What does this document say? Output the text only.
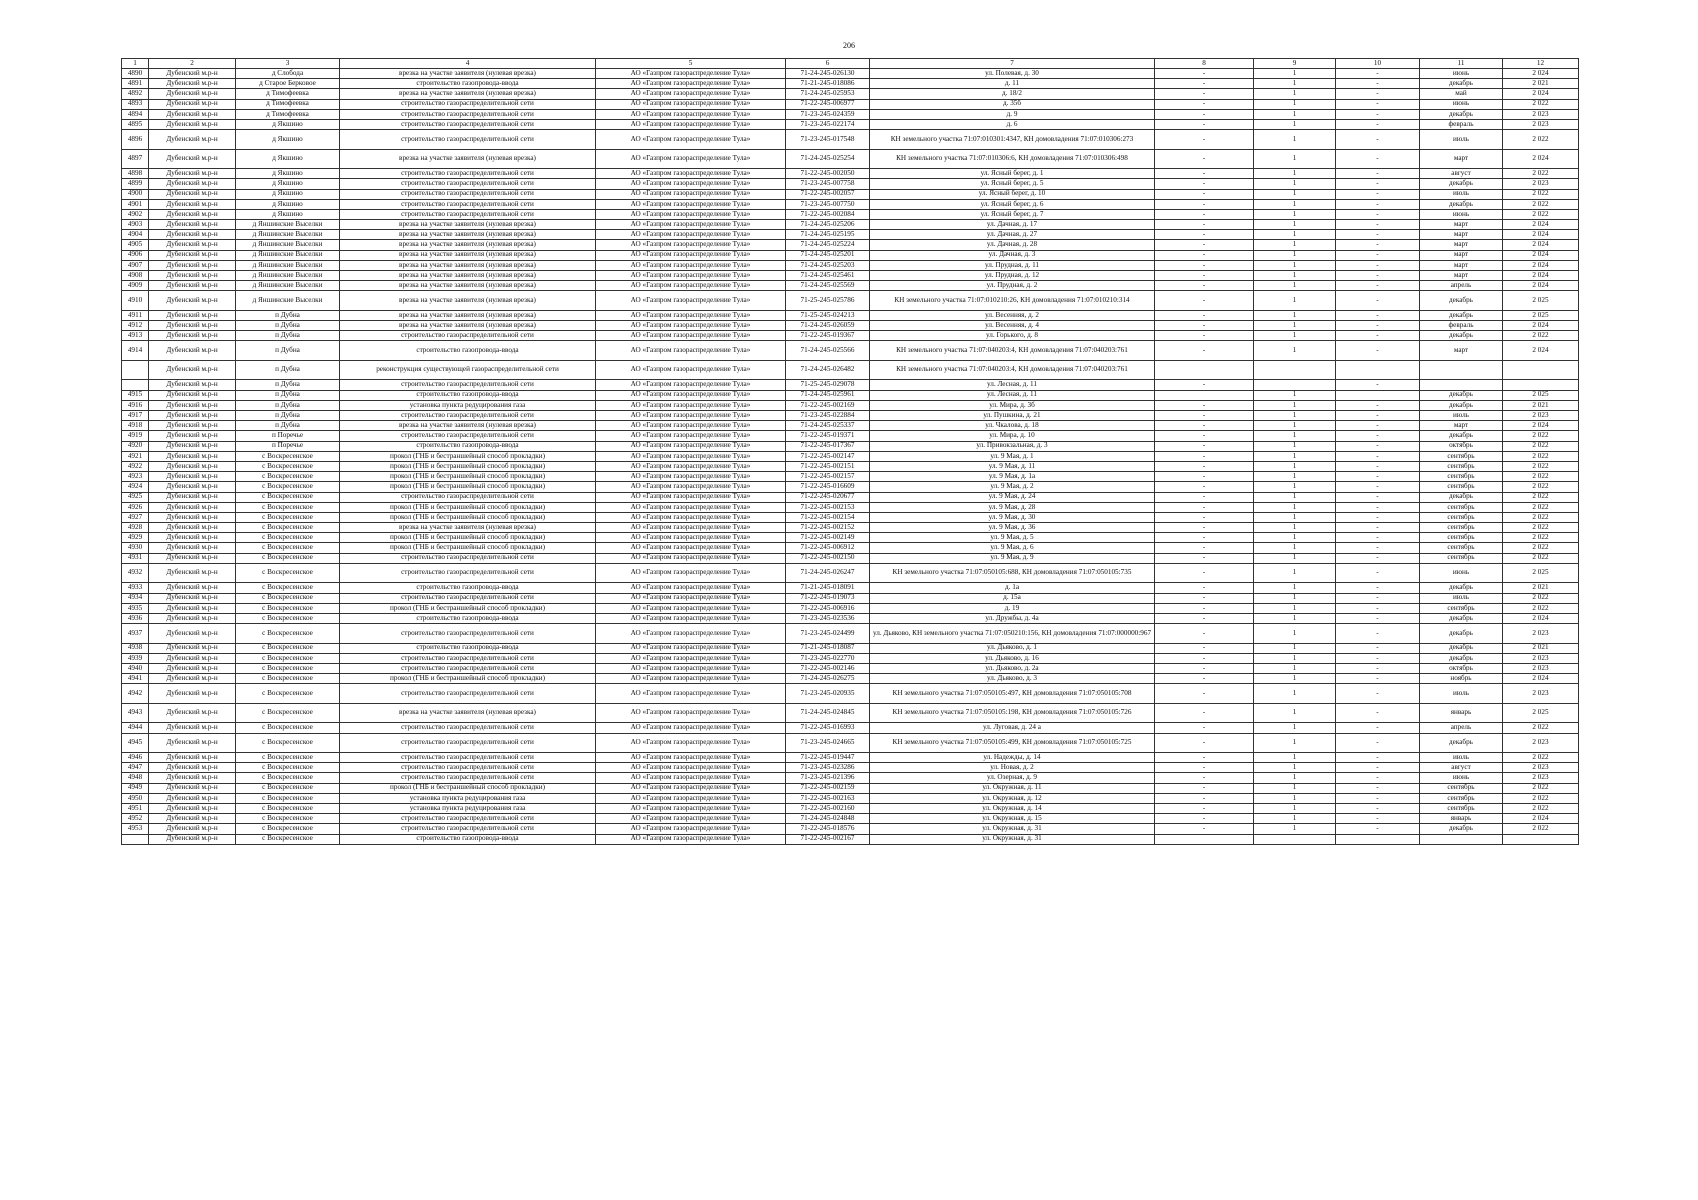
206
1	2	3	4	5	6	7	8	9	10	11	12
4890	Дубенский м.р-н	д Слобода	врезка на участке заявителя (нулевая врезка)	АО «Газпром газораспределение Тула»	71-24-245-026130	ул. Полевая, д. 30	-	1	-	июнь	2 024
4891	Дубенский м.р-н	д Старое Берковое	строительство газопровода-ввода	АО «Газпром газораспределение Тула»	71-21-245-018086	д. 11	-	1	-	декабрь	2 021
4892	Дубенский м.р-н	д Тимофеевка	врезка на участке заявителя (нулевая врезка)	АО «Газпром газораспределение Тула»	71-24-245-025953	д. 18/2	-	1	-	май	2 024
4893	Дубенский м.р-н	д Тимофеевка	строительство газораспределительной сети	АО «Газпром газораспределение Тула»	71-22-245-006977	д. 35б	-	1	-	июнь	2 022
4894	Дубенский м.р-н	д Тимофеевка	строительство газораспределительной сети	АО «Газпром газораспределение Тула»	71-23-245-024359	д. 9	-	1	-	декабрь	2 023
4895	Дубенский м.р-н	д Якшино	строительство газораспределительной сети	АО «Газпром газораспределение Тула»	71-23-245-022174	д. 6	-	1	-	февраль	2 023
4896	Дубенский м.р-н	д Якшино	строительство газораспределительной сети	АО «Газпром газораспределение Тула»	71-23-245-017548	КН земельного участка 71:07:010301:4347, КН домовладения 71:07:010306:273	-	1	-	июль	2 022
4897	Дубенский м.р-н	д Якшино	врезка на участке заявителя (нулевая врезка)	АО «Газпром газораспределение Тула»	71-24-245-025254	КН земельного участка 71:07:010306:6, КН домовладения 71:07:010306:498	-	1	-	март	2 024
4898	Дубенский м.р-н	д Якшино	строительство газораспределительной сети	АО «Газпром газораспределение Тула»	71-22-245-002050	ул. Ясный берег, д. 1	-	1	-	август	2 022
4899	Дубенский м.р-н	д Якшино	строительство газораспределительной сети	АО «Газпром газораспределение Тула»	71-23-245-007758	ул. Ясный берег, д. 5	-	1	-	декабрь	2 023
4900	Дубенский м.р-н	д Якшино	строительство газораспределительной сети	АО «Газпром газораспределение Тула»	71-22-245-002057	ул. Ясный берег, д. 10	-	1	-	июль	2 022
4901	Дубенский м.р-н	д Якшино	строительство газораспределительной сети	АО «Газпром газораспределение Тула»	71-23-245-007750	ул. Ясный берег, д. 6	-	1	-	декабрь	2 022
4902	Дубенский м.р-н	д Якшино	строительство газораспределительной сети	АО «Газпром газораспределение Тула»	71-22-245-002084	ул. Ясный берег, д. 7	-	1	-	июнь	2 022
4903	Дубенский м.р-н	д Яншинские Выселки	врезка на участке заявителя (нулевая врезка)	АО «Газпром газораспределение Тула»	71-24-245-025206	ул. Дачная, д. 17	-	1	-	март	2 024
4904	Дубенский м.р-н	д Яншинские Выселки	врезка на участке заявителя (нулевая врезка)	АО «Газпром газораспределение Тула»	71-24-245-025195	ул. Дачная, д. 27	-	1	-	март	2 024
4905	Дубенский м.р-н	д Яншинские Выселки	врезка на участке заявителя (нулевая врезка)	АО «Газпром газораспределение Тула»	71-24-245-025224	ул. Дачная, д. 28	-	1	-	март	2 024
4906	Дубенский м.р-н	д Яншинские Выселки	врезка на участке заявителя (нулевая врезка)	АО «Газпром газораспределение Тула»	71-24-245-025201	ул. Дачная, д. 3	-	1	-	март	2 024
4907	Дубенский м.р-н	д Яншинские Выселки	врезка на участке заявителя (нулевая врезка)	АО «Газпром газораспределение Тула»	71-24-245-025203	ул. Прудная, д. 11	-	1	-	март	2 024
4908	Дубенский м.р-н	д Яншинские Выселки	врезка на участке заявителя (нулевая врезка)	АО «Газпром газораспределение Тула»	71-24-245-025461	ул. Прудная, д. 12	-	1	-	март	2 024
4909	Дубенский м.р-н	д Яншинские Выселки	врезка на участке заявителя (нулевая врезка)	АО «Газпром газораспределение Тула»	71-24-245-025569	ул. Прудная, д. 2	-	1	-	апрель	2 024
4910	Дубенский м.р-н	д Яншинские Выселки	врезка на участке заявителя (нулевая врезка)	АО «Газпром газораспределение Тула»	71-25-245-025786	КН земельного участка 71:07:010210:26, КН домовладения 71:07:010210:314	-	1	-	декабрь	2 025
4911	Дубенский м.р-н	п Дубна	врезка на участке заявителя (нулевая врезка)	АО «Газпром газораспределение Тула»	71-25-245-024213	ул. Весенняя, д. 2	-	1	-	декабрь	2 025
4912	Дубенский м.р-н	п Дубна	врезка на участке заявителя (нулевая врезка)	АО «Газпром газораспределение Тула»	71-24-245-026059	ул. Весенняя, д. 4	-	1	-	февраль	2 024
4913	Дубенский м.р-н	п Дубна	строительство газораспределительной сети	АО «Газпром газораспределение Тула»	71-22-245-019367	ул. Горького, д. 8	-	1	-	декабрь	2 022
4914	Дубенский м.р-н	п Дубна	строительство газопровода-ввода	АО «Газпром газораспределение Тула»	71-24-245-025566	КН земельного участка 71:07:040203:4, КН домовладения 71:07:040203:761	-	1	-	март	2 024
	Дубенский м.р-н	п Дубна	реконструкция существующей газораспределительной сети	АО «Газпром газораспределение Тула»	71-24-245-026482	КН земельного участка 71:07:040203:4, КН домовладения 71:07:040203:761					
	Дубенский м.р-н	п Дубна	строительство газораспределительной сети	АО «Газпром газораспределение Тула»	71-25-245-029078	ул. Лесная, д. 11	-		-		
4915	Дубенский м.р-н	п Дубна	строительство газопровода-ввода	АО «Газпром газораспределение Тула»	71-24-245-025961	ул. Лесная, д. 11		1		декабрь	2 025
4916	Дубенский м.р-н	п Дубна	установка пункта редуцирования газа	АО «Газпром газораспределение Тула»	71-22-245-002169	ул. Мира, д. 3б	-	1	-	декабрь	2 021
4917	Дубенский м.р-н	п Дубна	строительство газораспределительной сети	АО «Газпром газораспределение Тула»	71-23-245-022884	ул. Пушкина, д. 21	-	1	-	июль	2 023
4918	Дубенский м.р-н	п Дубна	врезка на участке заявителя (нулевая врезка)	АО «Газпром газораспределение Тула»	71-24-245-025337	ул. Чкалова, д. 18	-	1	-	март	2 024
4919	Дубенский м.р-н	п Поречье	строительство газораспределительной сети	АО «Газпром газораспределение Тула»	71-22-245-019371	ул. Мира, д. 10	-	1	-	декабрь	2 022
4920	Дубенский м.р-н	п Поречье	строительство газопровода-ввода	АО «Газпром газораспределение Тула»	71-22-245-017367	ул. Привокзальная, д. 3	-	1	-	октябрь	2 022
4921	Дубенский м.р-н	с Воскресенское	прокол (ГНБ и бестраншейный способ прокладки)	АО «Газпром газораспределение Тула»	71-22-245-002147	ул. 9 Мая, д. 1	-	1	-	сентябрь	2 022
4922	Дубенский м.р-н	с Воскресенское	прокол (ГНБ и бестраншейный способ прокладки)	АО «Газпром газораспределение Тула»	71-22-245-002151	ул. 9 Мая, д. 11	-	1	-	сентябрь	2 022
4923	Дубенский м.р-н	с Воскресенское	прокол (ГНБ и бестраншейный способ прокладки)	АО «Газпром газораспределение Тула»	71-22-245-002157	ул. 9 Мая, д. 1а	-	1	-	сентябрь	2 022
4924	Дубенский м.р-н	с Воскресенское	прокол (ГНБ и бестраншейный способ прокладки)	АО «Газпром газораспределение Тула»	71-22-245-016609	ул. 9 Мая, д. 2	-	1	-	сентябрь	2 022
4925	Дубенский м.р-н	с Воскресенское	строительство газораспределительной сети	АО «Газпром газораспределение Тула»	71-22-245-020677	ул. 9 Мая, д. 24	-	1	-	декабрь	2 022
4926	Дубенский м.р-н	с Воскресенское	прокол (ГНБ и бестраншейный способ прокладки)	АО «Газпром газораспределение Тула»	71-22-245-002153	ул. 9 Мая, д. 28	-	1	-	сентябрь	2 022
4927	Дубенский м.р-н	с Воскресенское	прокол (ГНБ и бестраншейный способ прокладки)	АО «Газпром газораспределение Тула»	71-22-245-002154	ул. 9 Мая, д. 30	-	1	-	сентябрь	2 022
4928	Дубенский м.р-н	с Воскресенское	врезка на участке заявителя (нулевая врезка)	АО «Газпром газораспределение Тула»	71-22-245-002152	ул. 9 Мая, д. 36	-	1	-	сентябрь	2 022
4929	Дубенский м.р-н	с Воскресенское	прокол (ГНБ и бестраншейный способ прокладки)	АО «Газпром газораспределение Тула»	71-22-245-002149	ул. 9 Мая, д. 5	-	1	-	сентябрь	2 022
4930	Дубенский м.р-н	с Воскресенское	прокол (ГНБ и бестраншейный способ прокладки)	АО «Газпром газораспределение Тула»	71-22-245-006912	ул. 9 Мая, д. 6	-	1	-	сентябрь	2 022
4931	Дубенский м.р-н	с Воскресенское	строительство газораспределительной сети	АО «Газпром газораспределение Тула»	71-22-245-002150	ул. 9 Мая, д. 9	-	1	-	сентябрь	2 022
4932	Дубенский м.р-н	с Воскресенское	строительство газораспределительной сети	АО «Газпром газораспределение Тула»	71-24-245-026247	КН земельного участка 71:07:050105:688, КН домовладения 71:07:050105:735	-	1	-	июнь	2 025
4933	Дубенский м.р-н	с Воскресенское	строительство газопровода-ввода	АО «Газпром газораспределение Тула»	71-21-245-018091	д. 1а	-	1	-	декабрь	2 021
4934	Дубенский м.р-н	с Воскресенское	строительство газораспределительной сети	АО «Газпром газораспределение Тула»	71-22-245-019073	д. 15а	-	1	-	июль	2 022
4935	Дубенский м.р-н	с Воскресенское	прокол (ГНБ и бестраншейный способ прокладки)	АО «Газпром газораспределение Тула»	71-22-245-006916	д. 19	-	1	-	сентябрь	2 022
4936	Дубенский м.р-н	с Воскресенское	строительство газопровода-ввода	АО «Газпром газораспределение Тула»	71-23-245-023536	ул. Дружбы, д. 4а	-	1	-	декабрь	2 024
4937	Дубенский м.р-н	с Воскресенское	строительство газораспределительной сети	АО «Газпром газораспределение Тула»	71-23-245-024499	ул. Дьяково, КН земельного участка 71:07:050210:156, КН домовладения 71:07:000000:967	-	1	-	декабрь	2 023
4938	Дубенский м.р-н	с Воскресенское	строительство газопровода-ввода	АО «Газпром газораспределение Тула»	71-21-245-018087	ул. Дьяково, д. 1	-	1	-	декабрь	2 021
4939	Дубенский м.р-н	с Воскресенское	строительство газораспределительной сети	АО «Газпром газораспределение Тула»	71-23-245-022770	ул. Дьяково, д. 16	-	1	-	декабрь	2 023
4940	Дубенский м.р-н	с Воскресенское	строительство газораспределительной сети	АО «Газпром газораспределение Тула»	71-22-245-002146	ул. Дьяково, д. 2а	-	1	-	октябрь	2 023
4941	Дубенский м.р-н	с Воскресенское	прокол (ГНБ и бестраншейный способ прокладки)	АО «Газпром газораспределение Тула»	71-24-245-026275	ул. Дьяково, д. 3	-	1	-	ноябрь	2 024
4942	Дубенский м.р-н	с Воскресенское	строительство газораспределительной сети	АО «Газпром газораспределение Тула»	71-23-245-020935	КН земельного участка 71:07:050105:497, КН домовладения 71:07:050105:708	-	1	-	июль	2 023
4943	Дубенский м.р-н	с Воскресенское	врезка на участке заявителя (нулевая врезка)	АО «Газпром газораспределение Тула»	71-24-245-024845	КН земельного участка 71:07:050105:198, КН домовладения 71:07:050105:726	-	1	-	январь	2 025
4944	Дубенский м.р-н	с Воскресенское	строительство газораспределительной сети	АО «Газпром газораспределение Тула»	71-22-245-016993	ул. Луговая, д. 24 а	-	1	-	апрель	2 022
4945	Дубенский м.р-н	с Воскресенское	строительство газораспределительной сети	АО «Газпром газораспределение Тула»	71-23-245-024665	КН земельного участка 71:07:050105:499, КН домовладения 71:07:050105:725	-	1	-	декабрь	2 023
4946	Дубенский м.р-н	с Воскресенское	строительство газораспределительной сети	АО «Газпром газораспределение Тула»	71-22-245-019447	ул. Надежды, д. 14	-	1	-	июль	2 022
4947	Дубенский м.р-н	с Воскресенское	строительство газораспределительной сети	АО «Газпром газораспределение Тула»	71-23-245-023286	ул. Новая, д. 2	-	1	-	август	2 023
4948	Дубенский м.р-н	с Воскресенское	строительство газораспределительной сети	АО «Газпром газораспределение Тула»	71-23-245-021396	ул. Озерная, д. 9	-	1	-	июнь	2 023
4949	Дубенский м.р-н	с Воскресенское	прокол (ГНБ и бестраншейный способ прокладки)	АО «Газпром газораспределение Тула»	71-22-245-002159	ул. Окружная, д. 11	-	1	-	сентябрь	2 022
4950	Дубенский м.р-н	с Воскресенское	установка пункта редуцирования газа	АО «Газпром газораспределение Тула»	71-22-245-002163	ул. Окружная, д. 12	-	1	-	сентябрь	2 022
4951	Дубенский м.р-н	с Воскресенское	установка пункта редуцирования газа	АО «Газпром газораспределение Тула»	71-22-245-002160	ул. Окружная, д. 14	-	1	-	сентябрь	2 022
4952	Дубенский м.р-н	с Воскресенское	строительство газораспределительной сети	АО «Газпром газораспределение Тула»	71-24-245-024848	ул. Окружная, д. 15	-	1	-	январь	2 024
4953	Дубенский м.р-н	с Воскресенское	строительство газораспределительной сети	АО «Газпром газораспределение Тула»	71-22-245-018576	ул. Окружная, д. 31	-	1	-	декабрь	2 022
	Дубенский м.р-н	с Воскресенское	строительство газопровода-ввода	АО «Газпром газораспределение Тула»	71-22-245-002167	ул. Окружная, д. 31					
